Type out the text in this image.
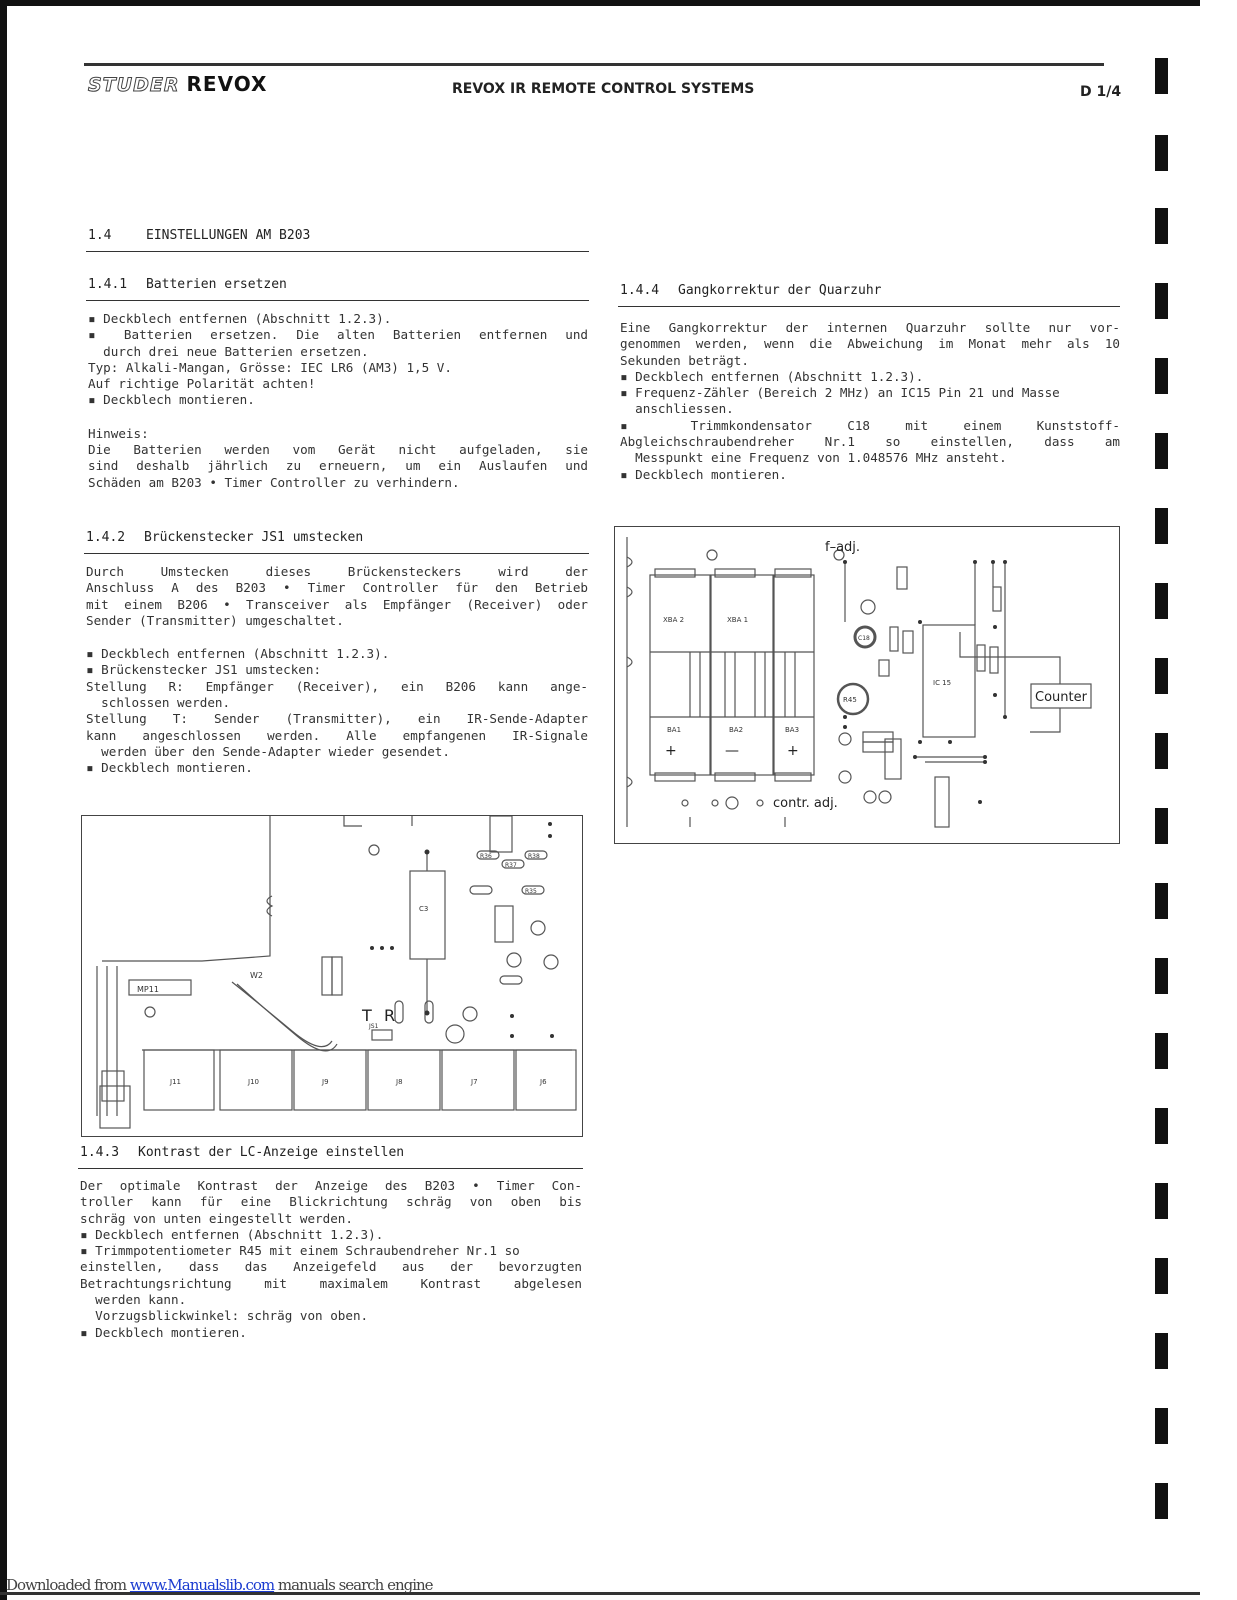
STUDER REVOX	REVOX IR REMOTE CONTROL SYSTEMS	D 1/4
1.4	EINSTELLUNGEN AM B203
1.4.1 Batterien ersetzen
▪ Deckblech entfernen (Abschnitt 1.2.3).
▪ Batterien ersetzen. Die alten Batterien entfernen und
durch drei neue Batterien ersetzen.
Typ: Alkali-Mangan, Grösse: IEC LR6 (AM3) 1,5 V.
Auf richtige Polarität achten!
▪ Deckblech montieren.
Hinweis:
Die Batterien werden vom Gerät nicht aufgeladen, sie
sind deshalb jährlich zu erneuern, um ein Auslaufen und
Schäden am B203 • Timer Controller zu verhindern.
1.4.2 Brückenstecker JS1 umstecken
Durch Umstecken dieses Brückensteckers wird der
Anschluss A des B203 • Timer Controller für den Betrieb
mit einem B206 • Transceiver als Empfänger (Receiver) oder
Sender (Transmitter) umgeschaltet.
▪ Deckblech entfernen (Abschnitt 1.2.3).
▪ Brückenstecker JS1 umstecken:
Stellung R: Empfänger (Receiver), ein B206 kann ange-
schlossen werden.
Stellung T: Sender (Transmitter), ein IR-Sende-Adapter
kann angeschlossen werden. Alle empfangenen IR-Signale
werden über den Sende-Adapter wieder gesendet.
▪ Deckblech montieren.
MP11
W2
T R
JS1
C3
J11	J10	J9	J8	J7	J6
R36	R38
R37
R35
1.4.3 Kontrast der LC-Anzeige einstellen
Der optimale Kontrast der Anzeige des B203 • Timer Con-
troller kann für eine Blickrichtung schräg von oben bis
schräg von unten eingestellt werden.
▪ Deckblech entfernen (Abschnitt 1.2.3).
▪ Trimmpotentiometer R45 mit einem Schraubendreher Nr.1 so
einstellen, dass das Anzeigefeld aus der bevorzugten
Betrachtungsrichtung mit maximalem Kontrast abgelesen
werden kann.
Vorzugsblickwinkel: schräg von oben.
▪ Deckblech montieren.
1.4.4 Gangkorrektur der Quarzuhr
Eine Gangkorrektur der internen Quarzuhr sollte nur vor-
genommen werden, wenn die Abweichung im Monat mehr als 10
Sekunden beträgt.
▪ Deckblech entfernen (Abschnitt 1.2.3).
▪ Frequenz-Zähler (Bereich 2 MHz) an IC15 Pin 21 und Masse
anschliessen.
▪ Trimmkondensator C18 mit einem Kunststoff-
Abgleichschraubendreher Nr.1 so einstellen, dass am
Messpunkt eine Frequenz von 1.048576 MHz ansteht.
▪ Deckblech montieren.
f–adj.
Counter
contr. adj.
XBA 2	XBA 1
BA1	BA2	BA3
+	—	+
R45
C18
IC 15
Downloaded from www.Manualslib.com manuals search engine
